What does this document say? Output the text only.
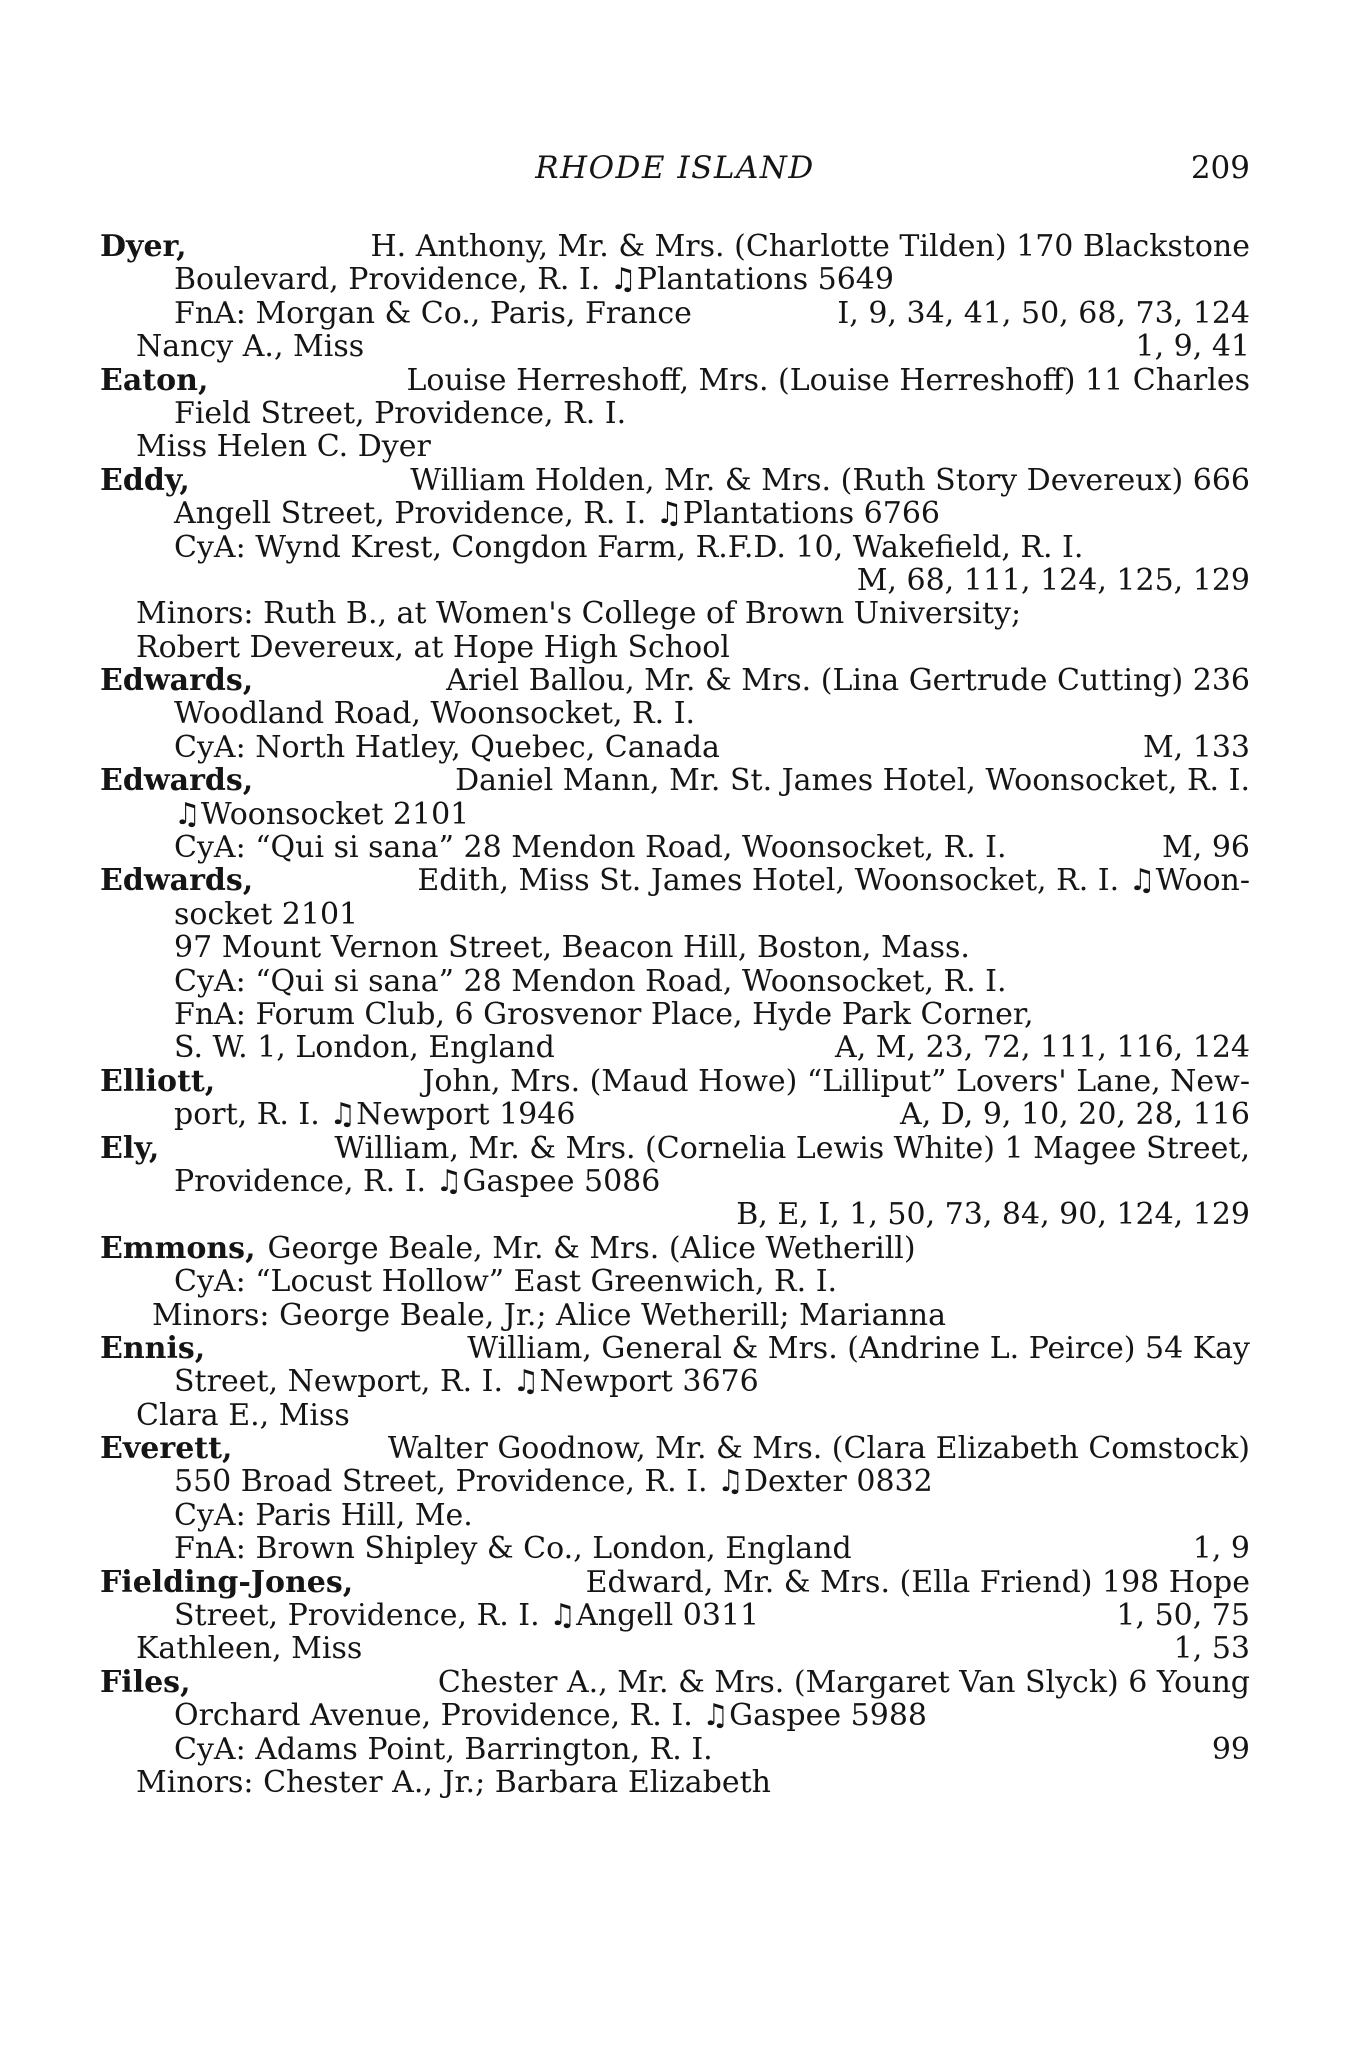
RHODE ISLAND	209
Dyer,	H. Anthony, Mr. & Mrs. (Charlotte Tilden) 170 Blackstone
Boulevard, Providence, R. I. ♫Plantations 5649
FnA: Morgan & Co., Paris, France	I, 9, 34, 41, 50, 68, 73, 124
Nancy A., Miss	1, 9, 41
Eaton,	Louise Herreshoff, Mrs. (Louise Herreshoff) 11 Charles
Field Street, Providence, R. I.
Miss Helen C. Dyer
Eddy,	William Holden, Mr. & Mrs. (Ruth Story Devereux) 666
Angell Street, Providence, R. I. ♫Plantations 6766
CyA: Wynd Krest, Congdon Farm, R.F.D. 10, Wakefield, R. I.
M, 68, 111, 124, 125, 129
Minors: Ruth B., at Women's College of Brown University;
Robert Devereux, at Hope High School
Edwards,	Ariel Ballou, Mr. & Mrs. (Lina Gertrude Cutting) 236
Woodland Road, Woonsocket, R. I.
CyA: North Hatley, Quebec, Canada	M, 133
Edwards,	Daniel Mann, Mr. St. James Hotel, Woonsocket, R. I.
♫Woonsocket 2101
CyA: “Qui si sana” 28 Mendon Road, Woonsocket, R. I.	M, 96
Edwards,	Edith, Miss St. James Hotel, Woonsocket, R. I. ♫Woon-
socket 2101
97 Mount Vernon Street, Beacon Hill, Boston, Mass.
CyA: “Qui si sana” 28 Mendon Road, Woonsocket, R. I.
FnA: Forum Club, 6 Grosvenor Place, Hyde Park Corner,
S. W. 1, London, England	A, M, 23, 72, 111, 116, 124
Elliott,	John, Mrs. (Maud Howe) “Lilliput” Lovers' Lane, New-
port, R. I. ♫Newport 1946	A, D, 9, 10, 20, 28, 116
Ely,	William, Mr. & Mrs. (Cornelia Lewis White) 1 Magee Street,
Providence, R. I. ♫Gaspee 5086
B, E, I, 1, 50, 73, 84, 90, 124, 129
Emmons, George Beale, Mr. & Mrs. (Alice Wetherill)
CyA: “Locust Hollow” East Greenwich, R. I.
Minors: George Beale, Jr.; Alice Wetherill; Marianna
Ennis,	William, General & Mrs. (Andrine L. Peirce) 54 Kay
Street, Newport, R. I. ♫Newport 3676
Clara E., Miss
Everett,	Walter Goodnow, Mr. & Mrs. (Clara Elizabeth Comstock)
550 Broad Street, Providence, R. I. ♫Dexter 0832
CyA: Paris Hill, Me.
FnA: Brown Shipley & Co., London, England	1, 9
Fielding-Jones,	Edward, Mr. & Mrs. (Ella Friend) 198 Hope
Street, Providence, R. I. ♫Angell 0311	1, 50, 75
Kathleen, Miss	1, 53
Files,	Chester A., Mr. & Mrs. (Margaret Van Slyck) 6 Young
Orchard Avenue, Providence, R. I. ♫Gaspee 5988
CyA: Adams Point, Barrington, R. I.	99
Minors: Chester A., Jr.; Barbara Elizabeth
